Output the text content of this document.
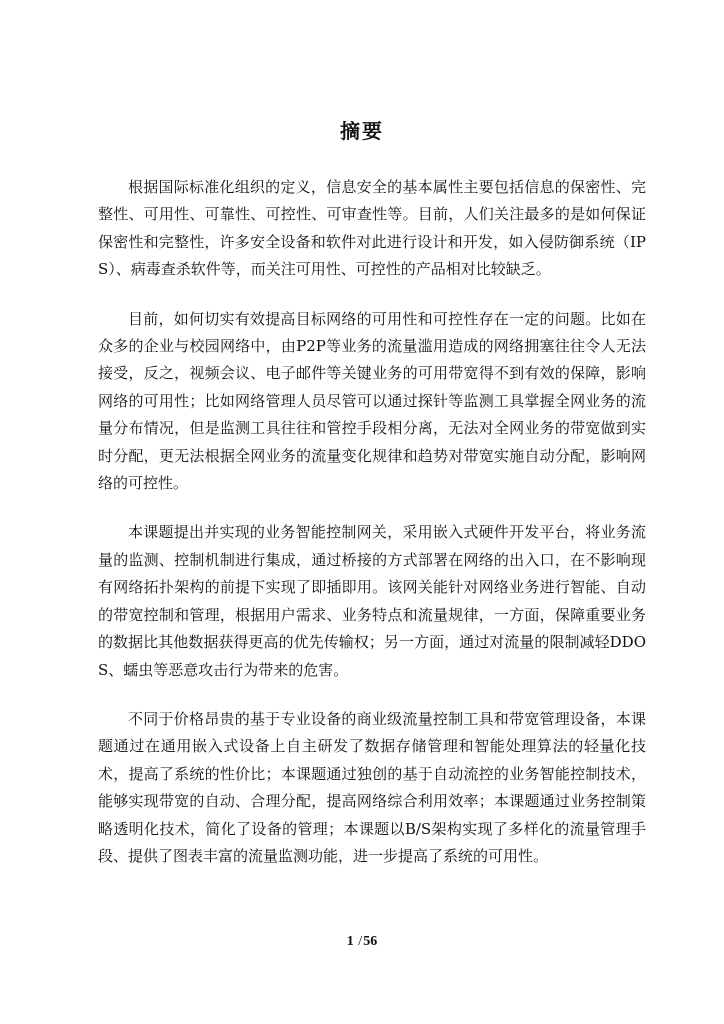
摘要

根据国际标准化组织的定义，信息安全的基本属性主要包括信息的保密性、完整性、可用性、可靠性、可控性、可审查性等。目前，人们关注最多的是如何保证保密性和完整性，许多安全设备和软件对此进行设计和开发，如入侵防御系统（IPS）、病毒查杀软件等，而关注可用性、可控性的产品相对比较缺乏。

目前，如何切实有效提高目标网络的可用性和可控性存在一定的问题。比如在众多的企业与校园网络中，由P2P等业务的流量滥用造成的网络拥塞往往令人无法接受，反之，视频会议、电子邮件等关键业务的可用带宽得不到有效的保障，影响网络的可用性；比如网络管理人员尽管可以通过探针等监测工具掌握全网业务的流量分布情况，但是监测工具往往和管控手段相分离，无法对全网业务的带宽做到实时分配，更无法根据全网业务的流量变化规律和趋势对带宽实施自动分配，影响网络的可控性。

本课题提出并实现的业务智能控制网关，采用嵌入式硬件开发平台，将业务流量的监测、控制机制进行集成，通过桥接的方式部署在网络的出入口，在不影响现有网络拓扑架构的前提下实现了即插即用。该网关能针对网络业务进行智能、自动的带宽控制和管理，根据用户需求、业务特点和流量规律，一方面，保障重要业务的数据比其他数据获得更高的优先传输权；另一方面，通过对流量的限制减轻DDOS、蠕虫等恶意攻击行为带来的危害。

不同于价格昂贵的基于专业设备的商业级流量控制工具和带宽管理设备，本课题通过在通用嵌入式设备上自主研发了数据存储管理和智能处理算法的轻量化技术，提高了系统的性价比；本课题通过独创的基于自动流控的业务智能控制技术，能够实现带宽的自动、合理分配，提高网络综合利用效率；本课题通过业务控制策略透明化技术，简化了设备的管理；本课题以B/S架构实现了多样化的流量管理手段、提供了图表丰富的流量监测功能，进一步提高了系统的可用性。

1 /56
